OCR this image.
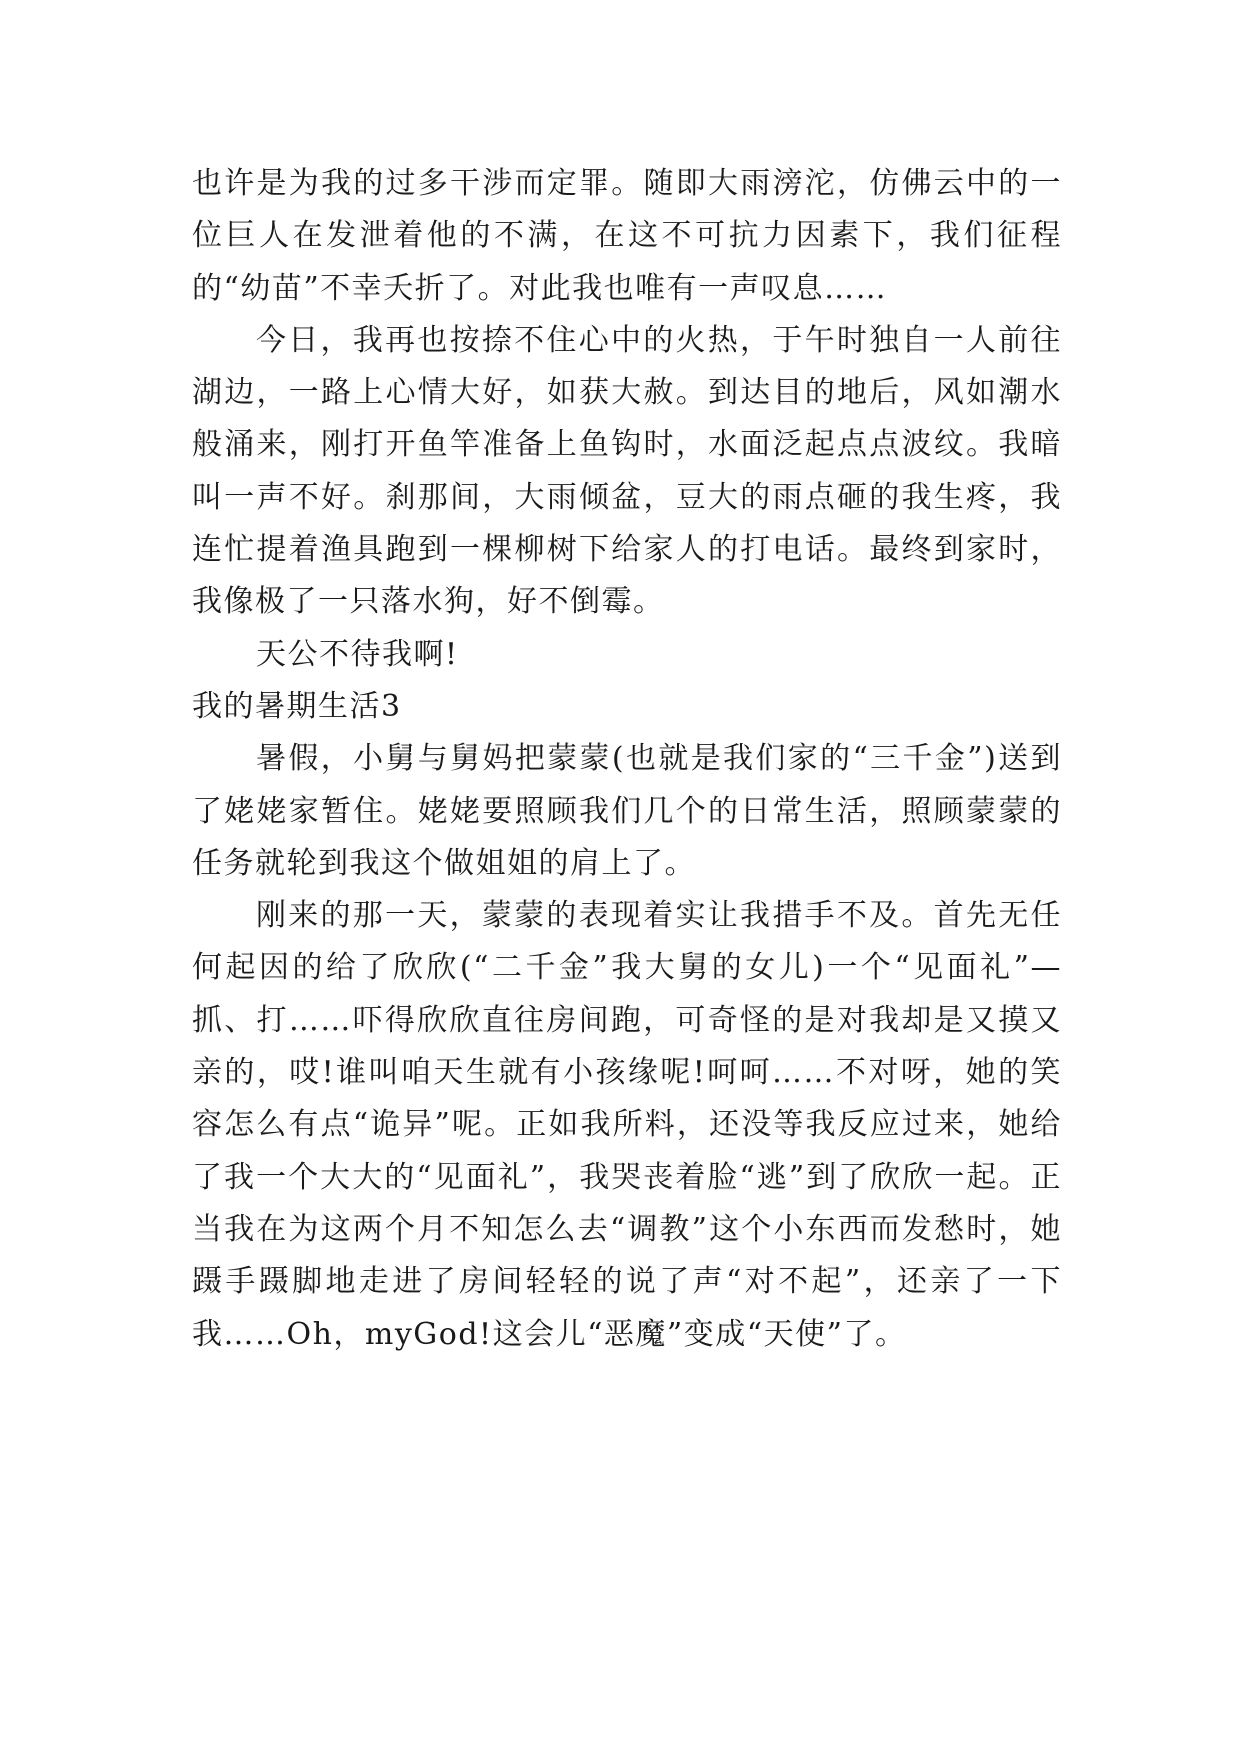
也许是为我的过多干涉而定罪。随即大雨滂沱，仿佛云中的一位巨人在发泄着他的不满，在这不可抗力因素下，我们征程的“幼苗”不幸夭折了。对此我也唯有一声叹息……

今日，我再也按捺不住心中的火热，于午时独自一人前往湖边，一路上心情大好，如获大赦。到达目的地后，风如潮水般涌来，刚打开鱼竿准备上鱼钩时，水面泛起点点波纹。我暗叫一声不好。刹那间，大雨倾盆，豆大的雨点砸的我生疼，我连忙提着渔具跑到一棵柳树下给家人的打电话。最终到家时，我像极了一只落水狗，好不倒霉。

天公不待我啊!

我的暑期生活3

暑假，小舅与舅妈把蒙蒙(也就是我们家的“三千金”)送到了姥姥家暂住。姥姥要照顾我们几个的日常生活，照顾蒙蒙的任务就轮到我这个做姐姐的肩上了。

刚来的那一天，蒙蒙的表现着实让我措手不及。首先无任何起因的给了欣欣(“二千金”我大舅的女儿)一个“见面礼”—抓、打……吓得欣欣直往房间跑，可奇怪的是对我却是又摸又亲的，哎!谁叫咱天生就有小孩缘呢!呵呵……不对呀，她的笑容怎么有点“诡异”呢。正如我所料，还没等我反应过来，她给了我一个大大的“见面礼”，我哭丧着脸“逃”到了欣欣一起。正当我在为这两个月不知怎么去“调教”这个小东西而发愁时，她蹑手蹑脚地走进了房间轻轻的说了声“对不起”，还亲了一下我……Oh，myGod!这会儿“恶魔”变成“天使”了。
